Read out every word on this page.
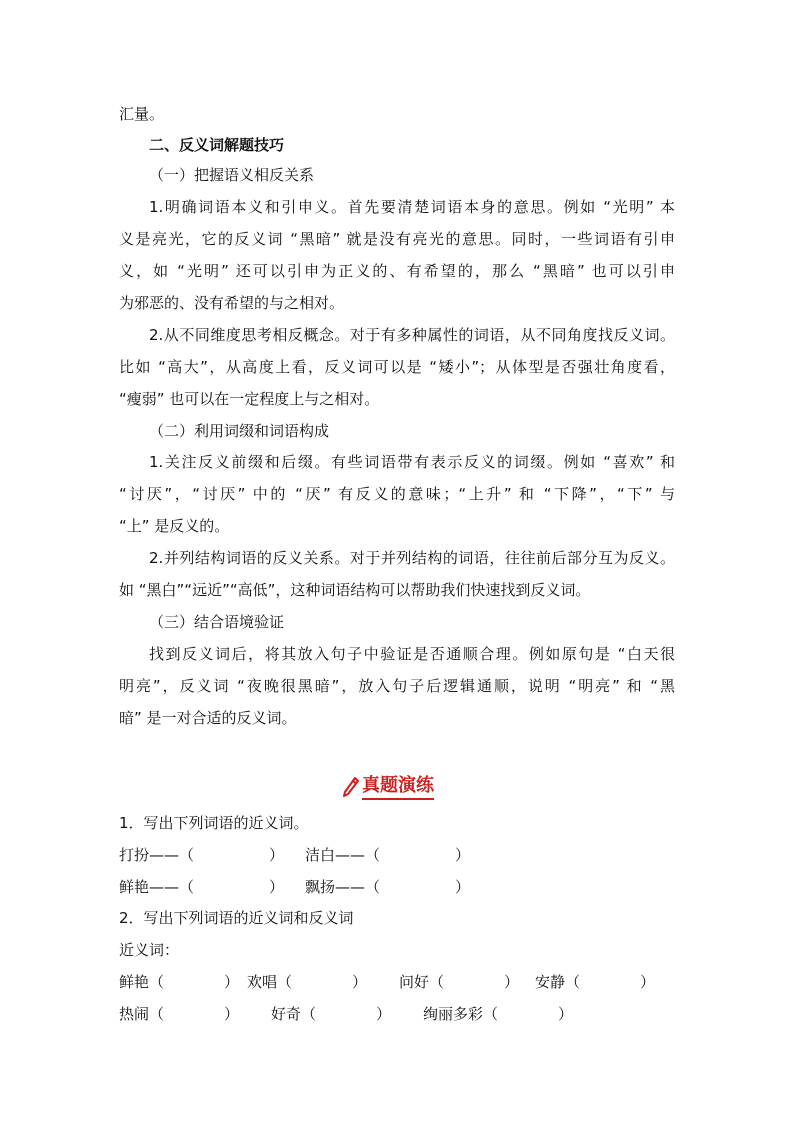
汇量。

二、反义词解题技巧

（一）把握语义相反关系

1.明确词语本义和引申义。首先要清楚词语本身的意思。例如 “光明” 本

义是亮光，它的反义词 “黑暗” 就是没有亮光的意思。同时，一些词语有引申

义，如 “光明” 还可以引申为正义的、有希望的，那么 “黑暗” 也可以引申

为邪恶的、没有希望的与之相对。

2.从不同维度思考相反概念。对于有多种属性的词语，从不同角度找反义词。

比如 “高大”，从高度上看，反义词可以是 “矮小”；从体型是否强壮角度看，

“瘦弱” 也可以在一定程度上与之相对。

（二）利用词缀和词语构成

1.关注反义前缀和后缀。有些词语带有表示反义的词缀。例如 “喜欢” 和

“讨厌”，“讨厌” 中的 “厌” 有反义的意味；“上升” 和 “下降”，“下” 与

“上” 是反义的。

2.并列结构词语的反义关系。对于并列结构的词语，往往前后部分互为反义。

如 “黑白”“远近”“高低”，这种词语结构可以帮助我们快速找到反义词。

（三）结合语境验证

找到反义词后，将其放入句子中验证是否通顺合理。例如原句是 “白天很

明亮”，反义词 “夜晚很黑暗”，放入句子后逻辑通顺，说明 “明亮” 和 “黑

暗” 是一对合适的反义词。

真题演练

1．写出下列词语的近义词。

打扮——（　　　　　） 洁白——（　　　　　）
鲜艳——（　　　　　） 飘扬——（　　　　　）

2．写出下列词语的近义词和反义词

近义词：

鲜艳（　　　　） 欢唱（　　　　） 问好（　　　　） 安静（　　　　）
热闹（　　　　） 好奇（　　　　） 绚丽多彩（　　　　）
